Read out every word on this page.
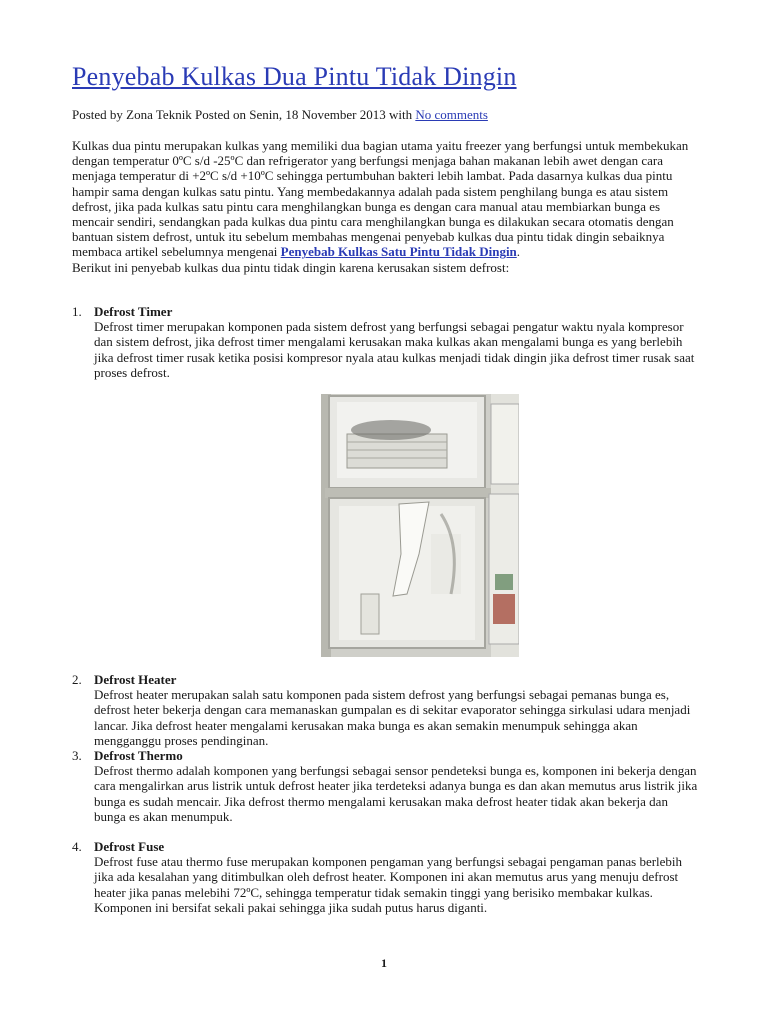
Penyebab Kulkas Dua Pintu Tidak Dingin
Posted by Zona Teknik Posted on Senin, 18 November 2013 with No comments

Kulkas dua pintu merupakan kulkas yang memiliki dua bagian utama yaitu freezer yang berfungsi untuk membekukan dengan temperatur 0ºC s/d -25ºC dan refrigerator yang berfungsi menjaga bahan makanan lebih awet dengan cara menjaga temperatur di +2ºC s/d +10ºC sehingga pertumbuhan bakteri lebih lambat. Pada dasarnya kulkas dua pintu hampir sama dengan kulkas satu pintu. Yang membedakannya adalah pada sistem penghilang bunga es atau sistem defrost, jika pada kulkas satu pintu cara menghilangkan bunga es dengan cara manual atau membiarkan bunga es mencair sendiri, sendangkan pada kulkas dua pintu cara menghilangkan bunga es dilakukan secara otomatis dengan bantuan sistem defrost, untuk itu sebelum membahas mengenai penyebab kulkas dua pintu tidak dingin sebaiknya membaca artikel sebelumnya mengenai Penyebab Kulkas Satu Pintu Tidak Dingin.

Berikut ini penyebab kulkas dua pintu tidak dingin karena kerusakan sistem defrost:

1. Defrost Timer
Defrost timer merupakan komponen pada sistem defrost yang berfungsi sebagai pengatur waktu nyala kompresor dan sistem defrost, jika defrost timer mengalami kerusakan maka kulkas akan mengalami bunga es yang berlebih jika defrost timer rusak ketika posisi kompresor nyala atau kulkas menjadi tidak dingin jika defrost timer rusak saat proses defrost.
2. Defrost Heater
Defrost heater merupakan salah satu komponen pada sistem defrost yang berfungsi sebagai pemanas bunga es, defrost heter bekerja dengan cara memanaskan gumpalan es di sekitar evaporator sehingga sirkulasi udara menjadi lancar. Jika defrost heater mengalami kerusakan maka bunga es akan semakin menumpuk sehingga akan mengganggu proses pendinginan.
3. Defrost Thermo
Defrost thermo adalah komponen yang berfungsi sebagai sensor pendeteksi bunga es, komponen ini bekerja dengan cara mengalirkan arus listrik untuk defrost heater jika terdeteksi adanya bunga es dan akan memutus arus listrik jika bunga es sudah mencair. Jika defrost thermo mengalami kerusakan maka defrost heater tidak akan bekerja dan bunga es akan menumpuk.
4. Defrost Fuse
Defrost fuse atau thermo fuse merupakan komponen pengaman yang berfungsi sebagai pengaman panas berlebih jika ada kesalahan yang ditimbulkan oleh defrost heater. Komponen ini akan memutus arus yang menuju defrost heater jika panas melebihi 72ºC, sehingga temperatur tidak semakin tinggi yang berisiko membakar kulkas. Komponen ini bersifat sekali pakai sehingga jika sudah putus harus diganti.
1
